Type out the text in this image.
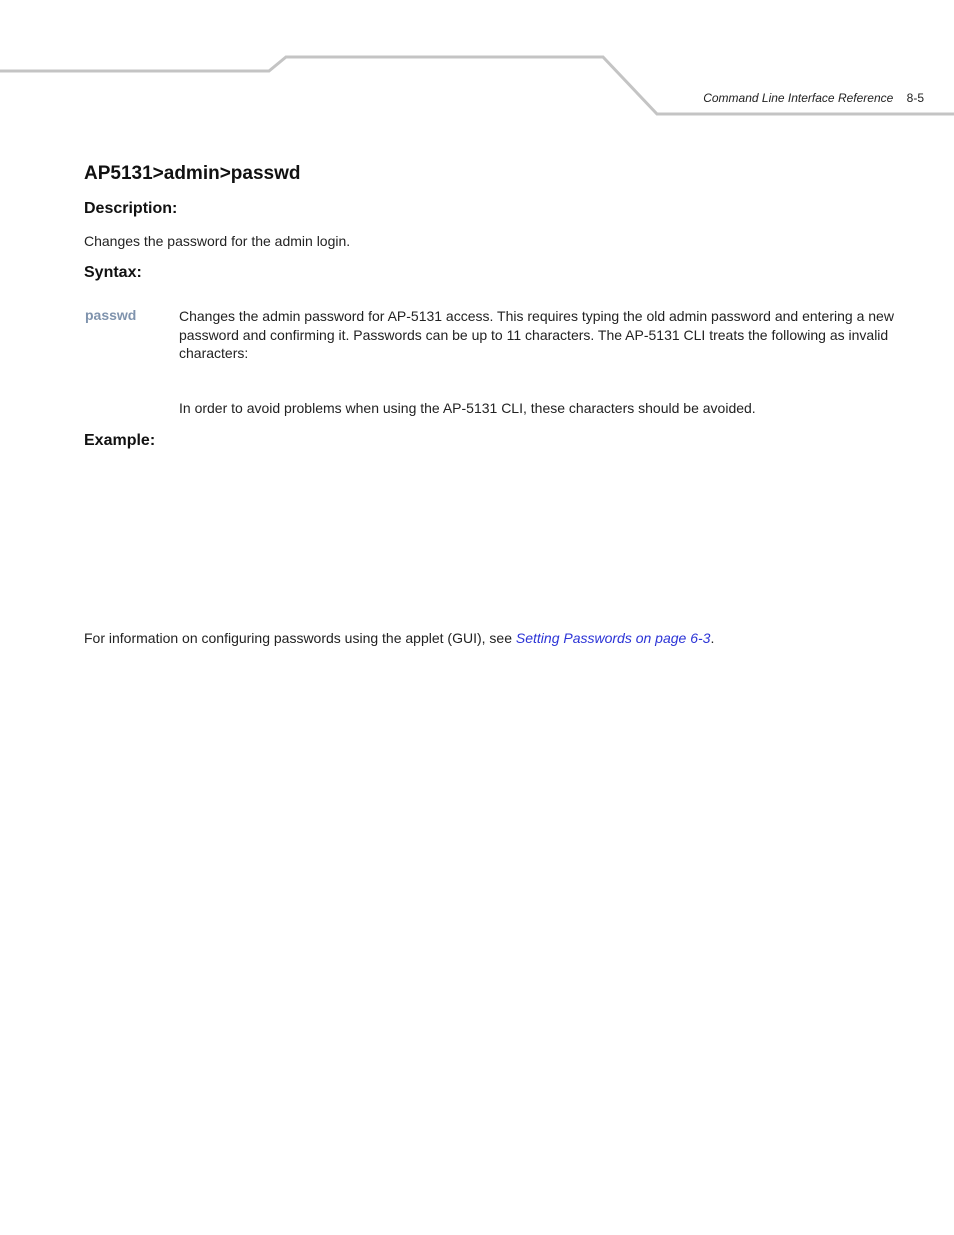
Command Line Interface Reference 8-5
AP5131>admin>passwd
Description:

Changes the password for the admin login.

Syntax:
passwd	Changes the admin password for AP-5131 access. This requires typing the old admin password and entering a new password and confirming it. Passwords can be up to 11 characters. The AP-5131 CLI treats the following as invalid characters:

In order to avoid problems when using the AP-5131 CLI, these characters should be avoided.

Example:

For information on configuring passwords using the applet (GUI), see Setting Passwords on page 6-3.
